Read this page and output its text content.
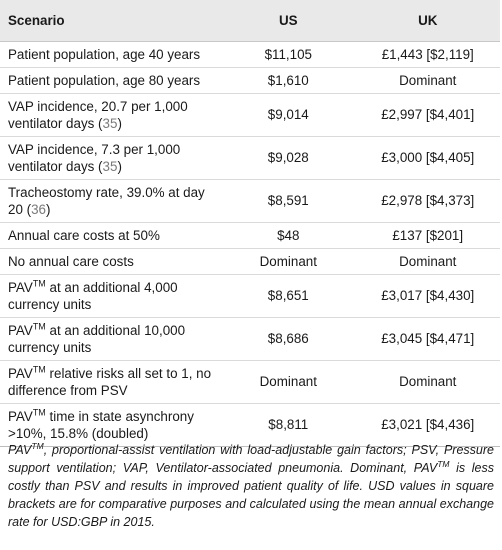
Scenario	US	UK
Patient population, age 40 years	$11,105	£1,443 [$2,119]
Patient population, age 80 years	$1,610	Dominant
VAP incidence, 20.7 per 1,000 ventilator days (35)	$9,014	£2,997 [$4,401]
VAP incidence, 7.3 per 1,000 ventilator days (35)	$9,028	£3,000 [$4,405]
Tracheostomy rate, 39.0% at day 20 (36)	$8,591	£2,978 [$4,373]
Annual care costs at 50%	$48	£137 [$201]
No annual care costs	Dominant	Dominant
PAV™ at an additional 4,000 currency units	$8,651	£3,017 [$4,430]
PAV™ at an additional 10,000 currency units	$8,686	£3,045 [$4,471]
PAV™ relative risks all set to 1, no difference from PSV	Dominant	Dominant
PAV™ time in state asynchrony >10%, 15.8% (doubled)	$8,811	£3,021 [$4,436]
PAV™, proportional-assist ventilation with load-adjustable gain factors; PSV, Pressure support ventilation; VAP, Ventilator-associated pneumonia. Dominant, PAV™ is less costly than PSV and results in improved patient quality of life. USD values in square brackets are for comparative purposes and calculated using the mean annual exchange rate for USD:GBP in 2015.
